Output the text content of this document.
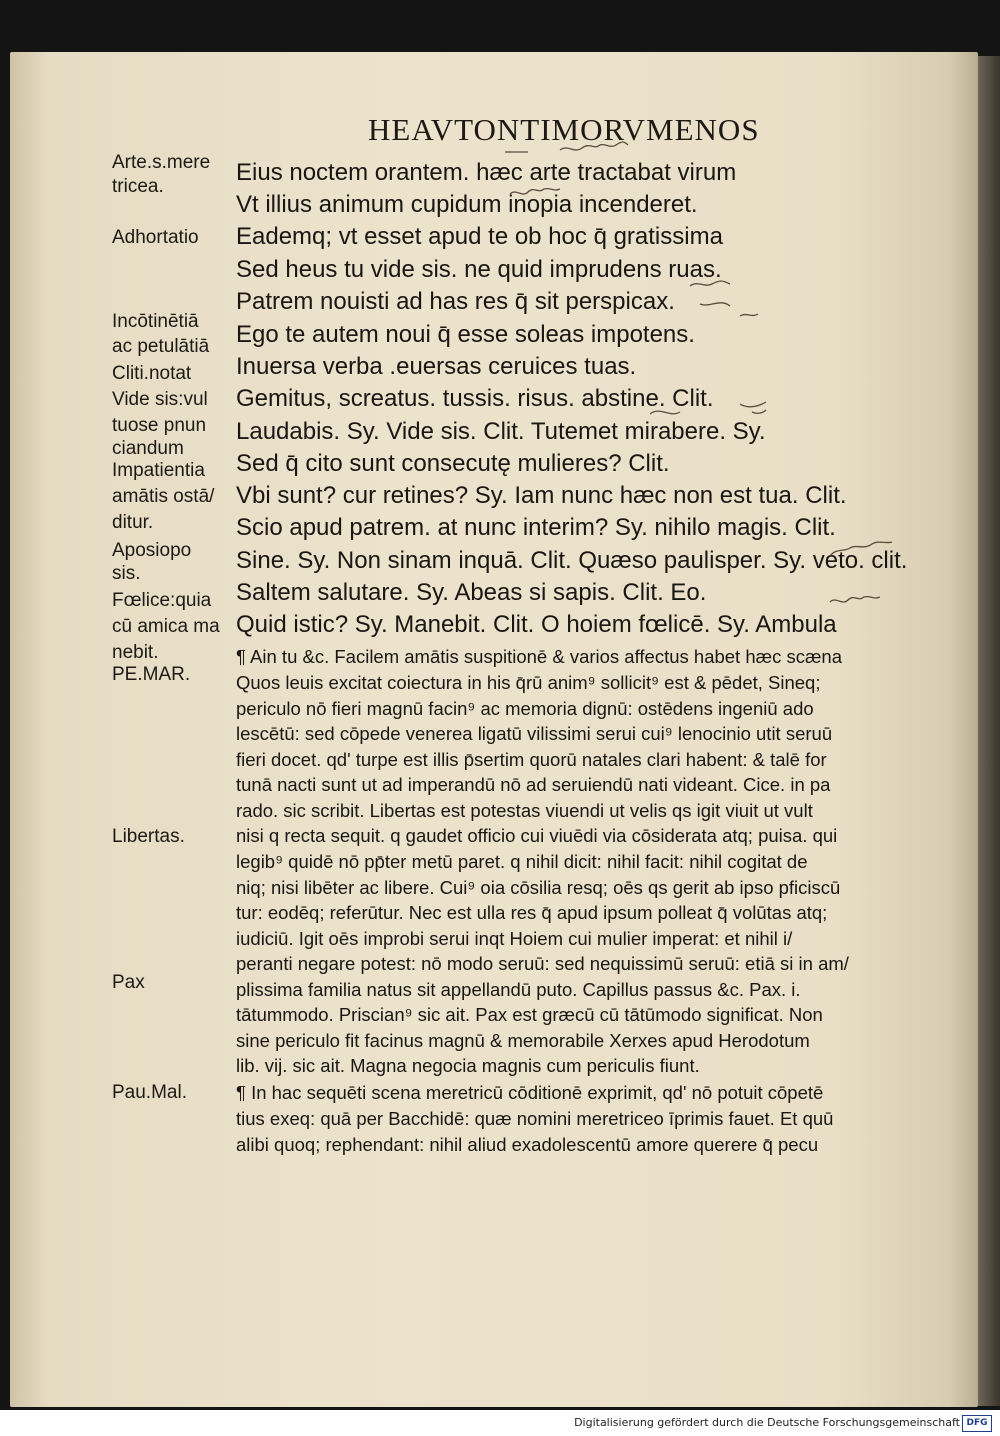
HEAVTONTIMORVMENOS
Arte.s.mere
tricea.
Adhortatio
Incōtinētiā
ac petulātiā
Cliti.notat
Vide sis:vul
tuose pnun
ciandum
Impatientia
amātis ostā/
ditur.
Aposiopo
sis.
Fœlice:quia
cū amica ma
nebit.
PE.MAR.
Libertas.
Pax
Pau.Mal.
Eius noctem orantem. hæc arte tractabat virum
Vt illius animum cupidum inopia incenderet.
Eademq; vt esset apud te ob hoc q̄ gratissima
Sed heus tu vide sis. ne quid imprudens ruas.
Patrem nouisti ad has res q̄ sit perspicax.
Ego te autem noui q̄ esse soleas impotens.
Inuersa verba .euersas ceruices tuas.
Gemitus, screatus. tussis. risus. abstine. Clit.
Laudabis. Sy. Vide sis. Clit. Tutemet mirabere. Sy.
Sed q̄ cito sunt consecutę mulieres? Clit.
Vbi sunt? cur retines? Sy. Iam nunc hæc non est tua. Clit.
Scio apud patrem. at nunc interim? Sy. nihilo magis. Clit.
Sine. Sy. Non sinam inquā. Clit. Quæso paulisper. Sy. veto. clit.
Saltem salutare. Sy. Abeas si sapis. Clit. Eo.
Quid istic? Sy. Manebit. Clit. O hoiem fœlicē. Sy. Ambula
¶ Ain tu &c. Facilem amātis suspitionē & varios affectus habet hæc scæna
Quos leuis excitat coiectura in his q̄rū anim⁹ sollicit⁹ est & pēdet, Sineq;
periculo nō fieri magnū facin⁹ ac memoria dignū: ostēdens ingeniū ado
lescētū: sed cōpede venerea ligatū vilissimi serui cui⁹ lenocinio utit seruū
fieri docet. qd' turpe est illis p̄sertim quorū natales clari habent: & talē for
tunā nacti sunt ut ad imperandū nō ad seruiendū nati videant. Cice. in pa
rado. sic scribit. Libertas est potestas viuendi ut velis qs igit viuit ut vult
nisi q recta sequit. q gaudet officio cui viuēdi via cōsiderata atq; puisa. qui
legib⁹ quidē nō pp̄ter metū paret. q nihil dicit: nihil facit: nihil cogitat de
niq; nisi libēter ac libere. Cui⁹ oia cōsilia resq; oēs qs gerit ab ipso pficiscū
tur: eodēq; referūtur. Nec est ulla res q̄ apud ipsum polleat q̄ volūtas atq;
iudiciū. Igit oēs improbi serui inqt Hoiem cui mulier imperat: et nihil i/
peranti negare potest: nō modo seruū: sed nequissimū seruū: etiā si in am/
plissima familia natus sit appellandū puto. Capillus passus &c. Pax. i.
tātummodo. Priscian⁹ sic ait. Pax est græcū cū tātūmodo significat. Non
sine periculo fit facinus magnū & memorabile Xerxes apud Herodotum
lib. vij. sic ait. Magna negocia magnis cum periculis fiunt.
¶ In hac sequēti scena meretricū cōditionē exprimit, qd' nō potuit cōpetē
tius exeq: quā per Bacchidē: quæ nomini meretriceo īprimis fauet. Et quū
alibi quoq; rephendant: nihil aliud exadolescentū amore querere q̄ pecu
Digitalisierung gefördert durch die Deutsche Forschungsgemeinschaft DFG
